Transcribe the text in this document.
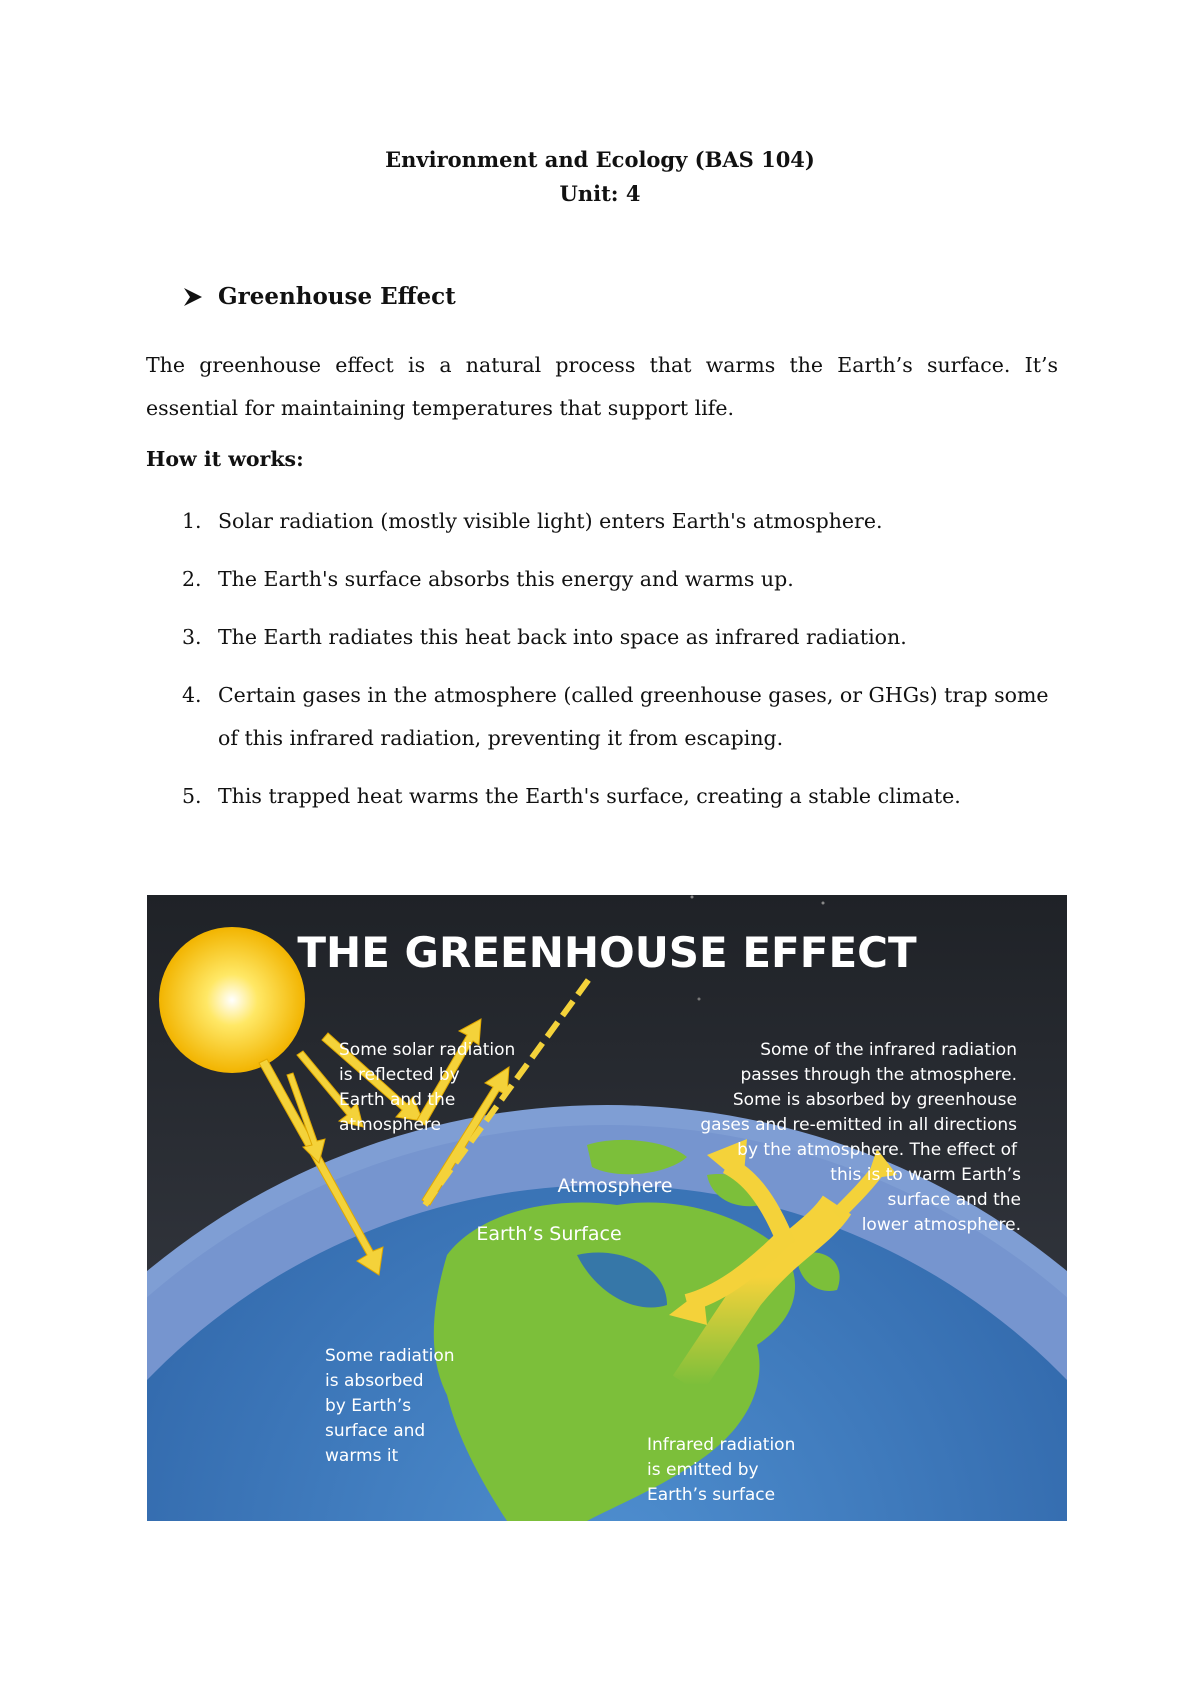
Environment and Ecology (BAS 104)
Unit: 4
Greenhouse Effect
The greenhouse effect is a natural process that warms the Earth’s surface. It’s essential for maintaining temperatures that support life.
How it works:
1. Solar radiation (mostly visible light) enters Earth's atmosphere.
2. The Earth's surface absorbs this energy and warms up.
3. The Earth radiates this heat back into space as infrared radiation.
4. Certain gases in the atmosphere (called greenhouse gases, or GHGs) trap some of this infrared radiation, preventing it from escaping.
5. This trapped heat warms the Earth's surface, creating a stable climate.
THE GREENHOUSE EFFECT
Some solar radiation
is reflected by
Earth and the
atmosphere
Some of the infrared radiation
passes through the atmosphere.
Some is absorbed by greenhouse
gases and re-emitted in all directions
by the atmosphere. The effect of
this is to warm Earth’s
surface and the
lower atmosphere.
Atmosphere
Earth’s Surface
Some radiation
is absorbed
by Earth’s
surface and
warms it
Infrared radiation
is emitted by
Earth’s surface
